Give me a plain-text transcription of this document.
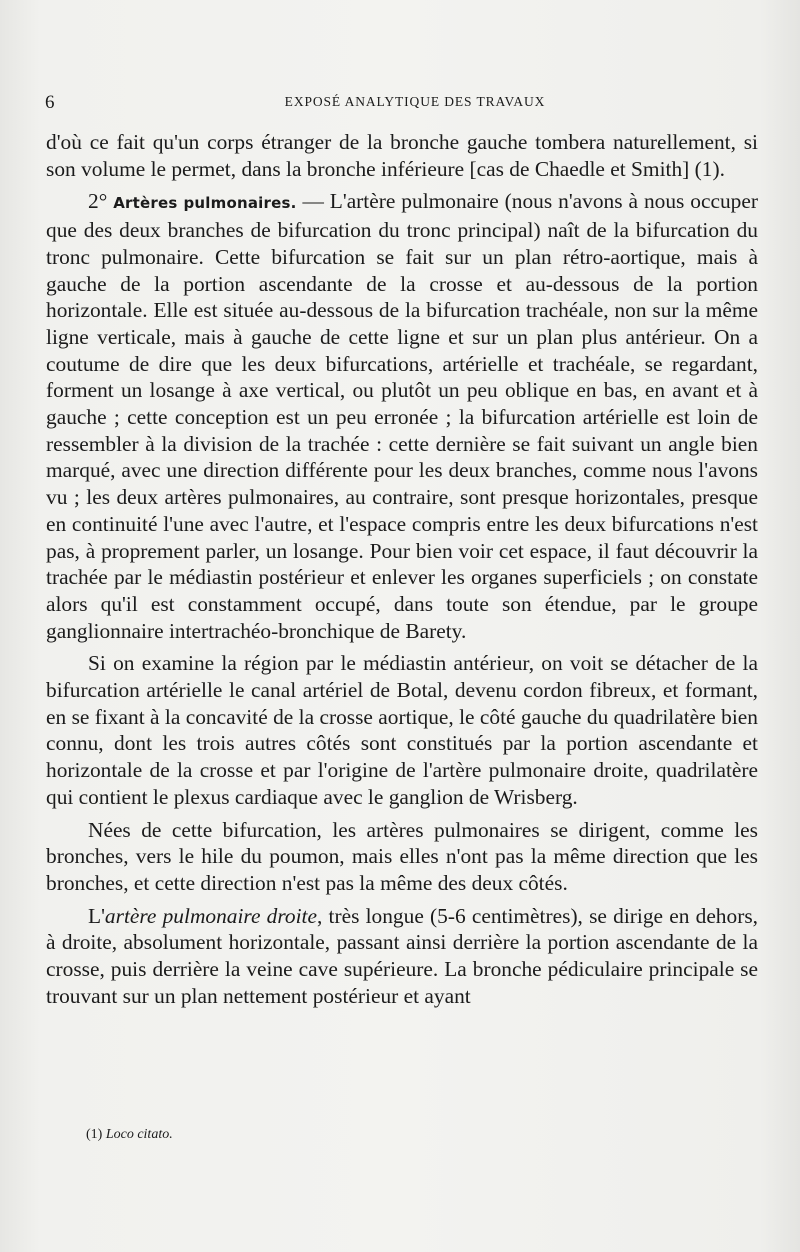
6	EXPOSÉ ANALYTIQUE DES TRAVAUX

d'où ce fait qu'un corps étranger de la bronche gauche tombera naturellement, si son volume le permet, dans la bronche inférieure [cas de Chaedle et Smith] (1).

2° Artères pulmonaires. — L'artère pulmonaire (nous n'avons à nous occuper que des deux branches de bifurcation du tronc principal) naît de la bifurcation du tronc pulmonaire. Cette bifurcation se fait sur un plan rétro-aortique, mais à gauche de la portion ascendante de la crosse et au-dessous de la portion horizontale. Elle est située au-dessous de la bifurcation trachéale, non sur la même ligne verticale, mais à gauche de cette ligne et sur un plan plus antérieur. On a coutume de dire que les deux bifurcations, artérielle et trachéale, se regardant, forment un losange à axe vertical, ou plutôt un peu oblique en bas, en avant et à gauche ; cette conception est un peu erronée ; la bifurcation artérielle est loin de ressembler à la division de la trachée : cette dernière se fait suivant un angle bien marqué, avec une direction différente pour les deux branches, comme nous l'avons vu ; les deux artères pulmonaires, au contraire, sont presque horizontales, presque en continuité l'une avec l'autre, et l'espace compris entre les deux bifurcations n'est pas, à proprement parler, un losange. Pour bien voir cet espace, il faut découvrir la trachée par le médiastin postérieur et enlever les organes superficiels ; on constate alors qu'il est constamment occupé, dans toute son étendue, par le groupe ganglionnaire intertrachéo-bronchique de Barety.

Si on examine la région par le médiastin antérieur, on voit se détacher de la bifurcation artérielle le canal artériel de Botal, devenu cordon fibreux, et formant, en se fixant à la concavité de la crosse aortique, le côté gauche du quadrilatère bien connu, dont les trois autres côtés sont constitués par la portion ascendante et horizontale de la crosse et par l'origine de l'artère pulmonaire droite, quadrilatère qui contient le plexus cardiaque avec le ganglion de Wrisberg.

Nées de cette bifurcation, les artères pulmonaires se dirigent, comme les bronches, vers le hile du poumon, mais elles n'ont pas la même direction que les bronches, et cette direction n'est pas la même des deux côtés.

L'artère pulmonaire droite, très longue (5-6 centimètres), se dirige en dehors, à droite, absolument horizontale, passant ainsi derrière la portion ascendante de la crosse, puis derrière la veine cave supérieure. La bronche pédiculaire principale se trouvant sur un plan nettement postérieur et ayant

(1) Loco citato.
